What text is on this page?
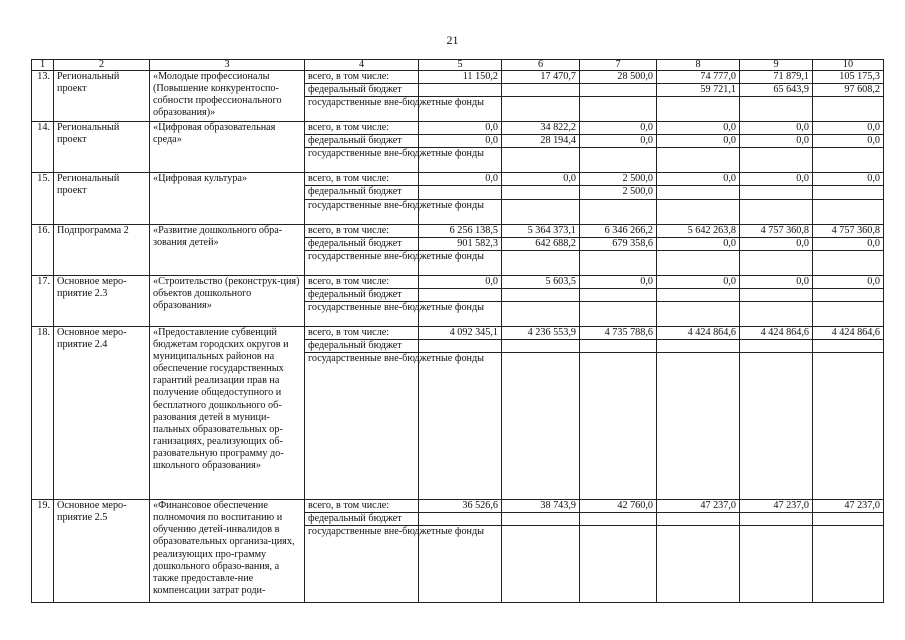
21
1	2	3	4	5	6	7	8	9	10
13.	Региональный проект	«Молодые профессионалы (Повышение конкурентоспо-собности профессионального образования)»	всего, в том числе:	11 150,2	17 470,7	28 500,0	74 777,0	71 879,1	105 175,3
			федеральный бюджет				59 721,1	65 643,9	97 608,2
			государственные вне-бюджетные фонды						
14.	Региональный проект	«Цифровая образовательная среда»	всего, в том числе:	0,0	34 822,2	0,0	0,0	0,0	0,0
			федеральный бюджет	0,0	28 194,4	0,0	0,0	0,0	0,0
			государственные вне-бюджетные фонды						
15.	Региональный проект	«Цифровая культура»	всего, в том числе:	0,0	0,0	2 500,0	0,0	0,0	0,0
			федеральный бюджет			2 500,0			
			государственные вне-бюджетные фонды						
16.	Подпрограмма 2	«Развитие дошкольного обра-зования детей»	всего, в том числе:	6 256 138,5	5 364 373,1	6 346 266,2	5 642 263,8	4 757 360,8	4 757 360,8
			федеральный бюджет	901 582,3	642 688,2	679 358,6	0,0	0,0	0,0
			государственные вне-бюджетные фонды						
17.	Основное меро-приятие 2.3	«Строительство (реконструк-ция) объектов дошкольного образования»	всего, в том числе:	0,0	5 603,5	0,0	0,0	0,0	0,0
			федеральный бюджет						
			государственные вне-бюджетные фонды						
18.	Основное меро-приятие 2.4	«Предоставление субвенций бюджетам городских округов и муниципальных районов на обеспечение государственных гарантий реализации прав на получение общедоступного и бесплатного дошкольного об-разования детей в муници-пальных образовательных ор-ганизациях, реализующих об-разовательную программу до-школьного образования»	всего, в том числе:	4 092 345,1	4 236 553,9	4 735 788,6	4 424 864,6	4 424 864,6	4 424 864,6
			федеральный бюджет						
			государственные вне-бюджетные фонды						
19.	Основное меро-приятие 2.5	«Финансовое обеспечение полномочия по воспитанию и обучению детей-инвалидов в образовательных организа-циях, реализующих про-грамму дошкольного образо-вания, а также предоставле-ние компенсации затрат роди-	всего, в том числе:	36 526,6	38 743,9	42 760,0	47 237,0	47 237,0	47 237,0
			федеральный бюджет						
			государственные вне-бюджетные фонды						
